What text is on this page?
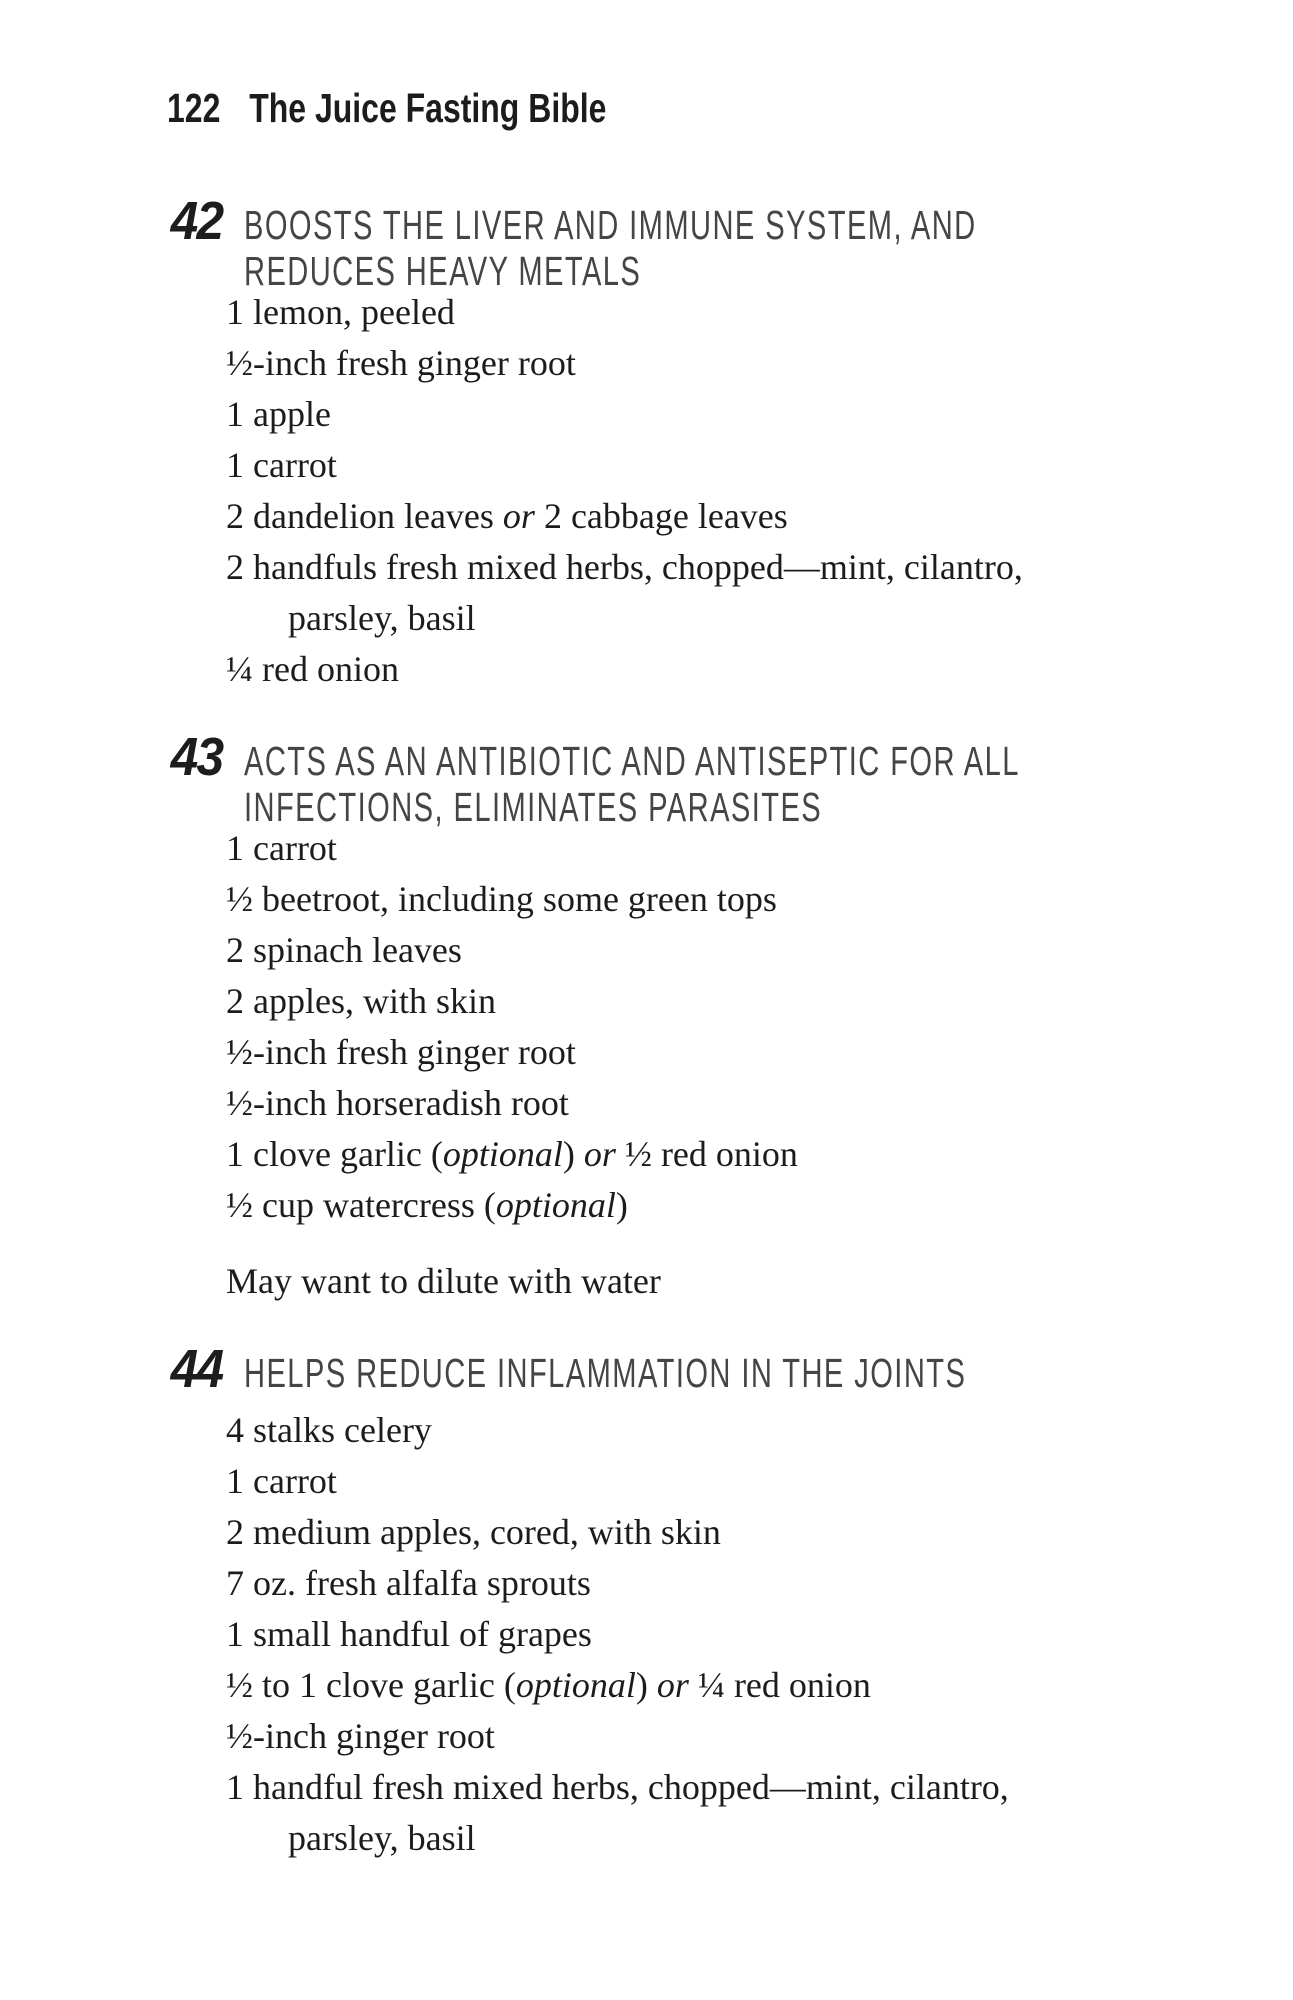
122 The Juice Fasting Bible
42 BOOSTS THE LIVER AND IMMUNE SYSTEM, AND
REDUCES HEAVY METALS
1 lemon, peeled
½-inch fresh ginger root
1 apple
1 carrot
2 dandelion leaves or 2 cabbage leaves
2 handfuls fresh mixed herbs, chopped—mint, cilantro,
parsley, basil
¼ red onion
43 ACTS AS AN ANTIBIOTIC AND ANTISEPTIC FOR ALL
INFECTIONS, ELIMINATES PARASITES
1 carrot
½ beetroot, including some green tops
2 spinach leaves
2 apples, with skin
½-inch fresh ginger root
½-inch horseradish root
1 clove garlic (optional) or ½ red onion
½ cup watercress (optional)

May want to dilute with water

44 HELPS REDUCE INFLAMMATION IN THE JOINTS
4 stalks celery
1 carrot
2 medium apples, cored, with skin
7 oz. fresh alfalfa sprouts
1 small handful of grapes
½ to 1 clove garlic (optional) or ¼ red onion
½-inch ginger root
1 handful fresh mixed herbs, chopped—mint, cilantro,
parsley, basil
